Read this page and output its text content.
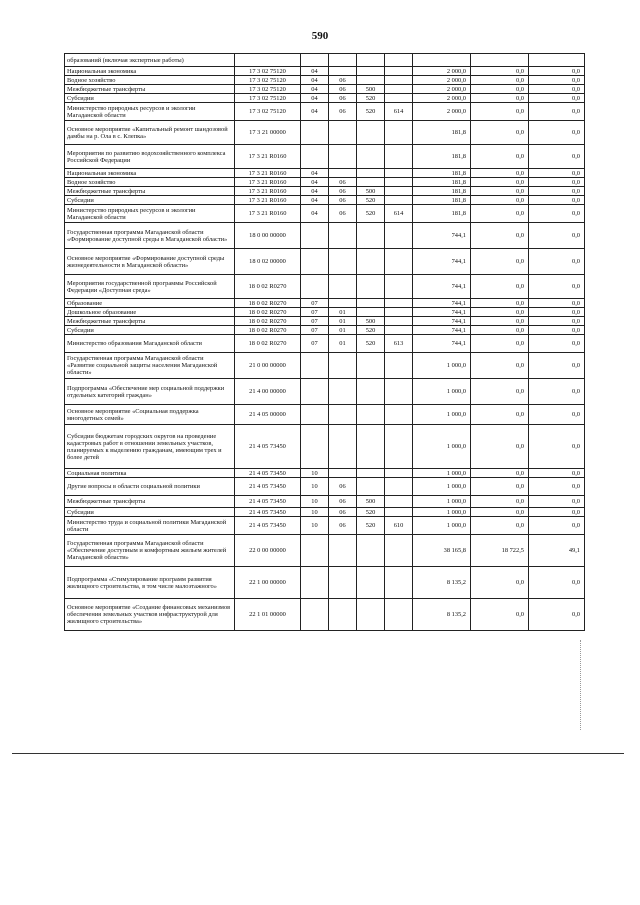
590
образований (включая экспертные работы)								
Национальная экономика	17 3 02 75120	04				2 000,0	0,0	0,0
Водное хозяйство	17 3 02 75120	04	06			2 000,0	0,0	0,0
Межбюджетные трансферты	17 3 02 75120	04	06	500		2 000,0	0,0	0,0
Субсидии	17 3 02 75120	04	06	520		2 000,0	0,0	0,0
Министерство природных ресурсов и экологии Магаданской области	17 3 02 75120	04	06	520	614	2 000,0	0,0	0,0
Основное мероприятие «Капитальный ремонт шандозовой дамбы на р. Ола в с. Клепка»	17 3 21 00000					181,8	0,0	0,0
Мероприятия по развитию водохозяйственного комплекса Российской Федерации	17 3 21 R0160					181,8	0,0	0,0
Национальная экономика	17 3 21 R0160	04				181,8	0,0	0,0
Водное хозяйство	17 3 21 R0160	04	06			181,8	0,0	0,0
Межбюджетные трансферты	17 3 21 R0160	04	06	500		181,8	0,0	0,0
Субсидии	17 3 21 R0160	04	06	520		181,8	0,0	0,0
Министерство природных ресурсов и экологии Магаданской области	17 3 21 R0160	04	06	520	614	181,8	0,0	0,0
Государственная программа Магаданской области «Формирование доступной среды в Магаданской области»	18 0 00 00000					744,1	0,0	0,0
Основное мероприятие «Формирование доступной среды жизнедеятельности в Магаданской области»	18 0 02 00000					744,1	0,0	0,0
Мероприятия государственной программы Российской Федерации «Доступная среда»	18 0 02 R0270					744,1	0,0	0,0
Образование	18 0 02 R0270	07				744,1	0,0	0,0
Дошкольное образование	18 0 02 R0270	07	01			744,1	0,0	0,0
Межбюджетные трансферты	18 0 02 R0270	07	01	500		744,1	0,0	0,0
Субсидии	18 0 02 R0270	07	01	520		744,1	0,0	0,0
Министерство образования Магаданской области	18 0 02 R0270	07	01	520	613	744,1	0,0	0,0
Государственная программа Магаданской области «Развитие социальной защиты населения Магаданской области»	21 0 00 00000					1 000,0	0,0	0,0
Подпрограмма «Обеспечение мер социальной поддержки отдельных категорий граждан»	21 4 00 00000					1 000,0	0,0	0,0
Основное мероприятие «Социальная поддержка многодетных семей»	21 4 05 00000					1 000,0	0,0	0,0
Субсидии бюджетам городских округов на проведение кадастровых работ в отношении земельных участков, планируемых к выделению гражданам, имеющим трех и более детей	21 4 05 73450					1 000,0	0,0	0,0
Социальная политика	21 4 05 73450	10				1 000,0	0,0	0,0
Другие вопросы в области социальной политики	21 4 05 73450	10	06			1 000,0	0,0	0,0
Межбюджетные трансферты	21 4 05 73450	10	06	500		1 000,0	0,0	0,0
Субсидии	21 4 05 73450	10	06	520		1 000,0	0,0	0,0
Министерство труда и социальной политики Магаданской области	21 4 05 73450	10	06	520	610	1 000,0	0,0	0,0
Государственная программа Магаданской области «Обеспечение доступным и комфортным жильем жителей Магаданской области»	22 0 00 00000					38 165,8	18 722,5	49,1
Подпрограмма «Стимулирование программ развития жилищного строительства, в том числе малоэтажного»	22 1 00 00000					8 135,2	0,0	0,0
Основное мероприятие «Создание финансовых механизмов обеспечения земельных участков инфраструктурой для жилищного строительства»	22 1 01 00000					8 135,2	0,0	0,0
